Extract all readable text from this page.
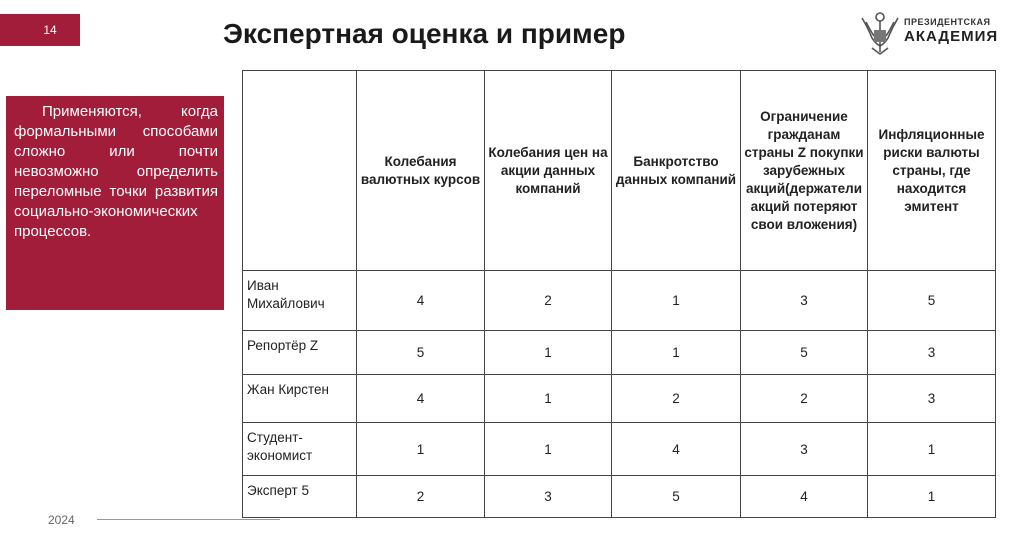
14	Экспертная оценка и пример	ПРЕЗИДЕНТСКАЯ
АКАДЕМИЯ

Применяются, когда формальными способами сложно или почти невозможно определить переломные точки развития социально-экономических процессов.

	Колебания валютных курсов	Колебания цен на акции данных компаний	Банкротство данных компаний	Ограничение гражданам страны Z покупки зарубежных акций(держатели акций потеряют свои вложения)	Инфляционные риски валюты страны, где находится эмитент
Иван Михайлович	4	2	1	3	5
Репортёр Z	5	1	1	5	3
Жан Кирстен	4	1	2	2	3
Студент-экономист	1	1	4	3	1
Эксперт 5	2	3	5	4	1
2024
